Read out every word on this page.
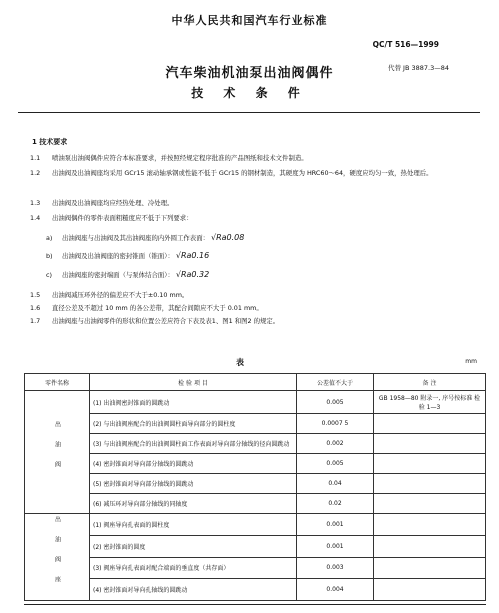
中华人民共和国汽车行业标准
QC/T 516—1999
汽车柴油机油泵出油阀偶件	代替 JB 3887.3—84
技 术 条 件
1 技术要求
1.1 喷油泵出油阀偶件应符合本标准要求，并按照经规定程序批准的产品图纸和技术文件制造。
1.2 出油阀及出油阀座均采用 GCr15 滚动轴承钢或性能不低于 GCr15 的钢材制造，其硬度为 HRC60～64，硬度应均匀一致，热处理后。
1.3 出油阀及出油阀座均应经热处理、冷处理。
1.4 出油阀偶件的零件表面粗糙度应不低于下列要求：
a) 出油阀座与出油阀及其出油阀座的内外圆工作表面： √Ra0.08
b) 出油阀及出油阀座的密封锥面（锥面）： √Ra0.16
c) 出油阀座的密封端面（与泵体结合面）： √Ra0.32
1.5 出油阀减压环外径的偏差应不大于±0.10 mm。
1.6 直径公差及不超过 10 mm 的各公差带，其配合间隙应不大于 0.01 mm。
1.7 出油阀座与出油阀零件的形状和位置公差应符合下表及表1、图1 和图2 的规定。
表	mm
零件名称	检 验 项 目	公差值不大于	备 注
出油阀	(1) 出油阀密封锥面的圆跳动	0.005	GB 1958—80 附录一, 序号按标准 检验 1—3
	(2) 与出油阀座配合的出油阀圆柱面导向部分的圆柱度	0.0007 5	
	(3) 与出油阀座配合的出油阀圆柱面工作表面对导向部分轴线的径向圆跳动	0.002	
	(4) 密封锥面对导向部分轴线的圆跳动	0.005	
	(5) 密封锥面对导向部分轴线的圆跳动	0.04	
	(6) 减压环对导向部分轴线的同轴度	0.02	
出油阀座	(1) 阀座导向孔表面的圆柱度	0.001	
	(2) 密封锥面的圆度	0.001	
	(3) 阀座导向孔表面对配合端面的垂直度（共存面）	0.003	
	(4) 密封锥面对导向孔轴线的圆跳动	0.004	
